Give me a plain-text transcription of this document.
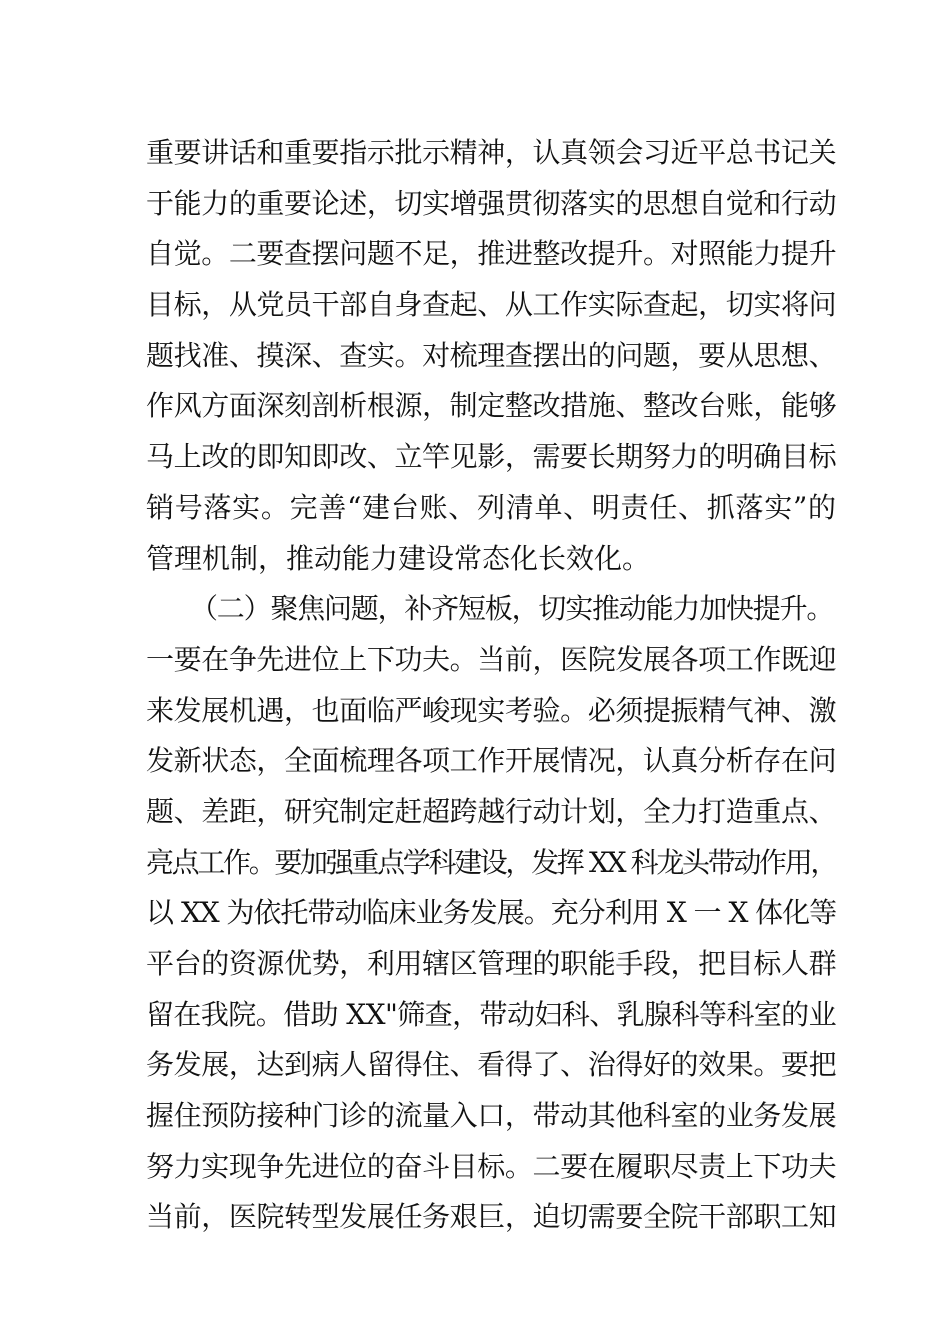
重要讲话和重要指示批示精神，认真领会习近平总书记关
于能力的重要论述，切实增强贯彻落实的思想自觉和行动
自觉。二要查摆问题不足，推进整改提升。对照能力提升
目标，从党员干部自身查起、从工作实际查起，切实将问
题找准、摸深、查实。对梳理查摆出的问题，要从思想、
作风方面深刻剖析根源，制定整改措施、整改台账，能够
马上改的即知即改、立竿见影，需要长期努力的明确目标
销号落实。完善“建台账、列清单、明责任、抓落实”的
管理机制，推动能力建设常态化长效化。
（二）聚焦问题，补齐短板，切实推动能力加快提升。
一要在争先进位上下功夫。当前，医院发展各项工作既迎
来发展机遇，也面临严峻现实考验。必须提振精气神、激
发新状态，全面梳理各项工作开展情况，认真分析存在问
题、差距，研究制定赶超跨越行动计划，全力打造重点、
亮点工作。要加强重点学科建设，发挥 XX 科龙头带动作用，
以 XX 为依托带动临床业务发展。充分利用 X 一 X 体化等
平台的资源优势，利用辖区管理的职能手段，把目标人群
留在我院。借助 XX"筛查，带动妇科、乳腺科等科室的业
务发展，达到病人留得住、看得了、治得好的效果。要把
握住预防接种门诊的流量入口，带动其他科室的业务发展
努力实现争先进位的奋斗目标。二要在履职尽责上下功夫
当前，医院转型发展任务艰巨，迫切需要全院干部职工知
